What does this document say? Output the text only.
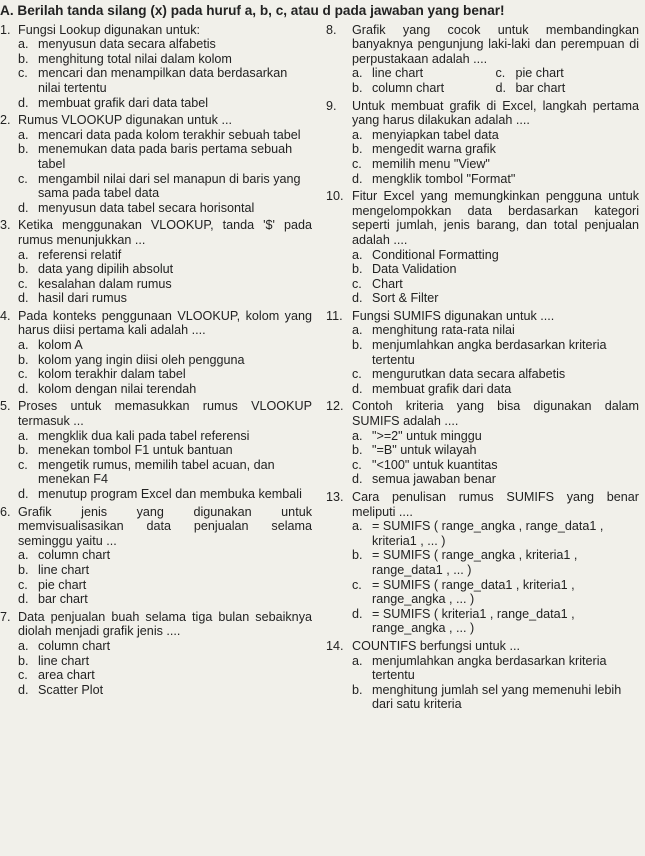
A. Berilah tanda silang (x) pada huruf a, b, c, atau d pada jawaban yang benar!
1. Fungsi Lookup digunakan untuk:
a. menyusun data secara alfabetis
b. menghitung total nilai dalam kolom
c. mencari dan menampilkan data berdasarkan nilai tertentu
d. membuat grafik dari data tabel
2. Rumus VLOOKUP digunakan untuk ...
a. mencari data pada kolom terakhir sebuah tabel
b. menemukan data pada baris pertama sebuah tabel
c. mengambil nilai dari sel manapun di baris yang sama pada tabel data
d. menyusun data tabel secara horisontal
3. Ketika menggunakan VLOOKUP, tanda '$' pada rumus menunjukkan ...
a. referensi relatif
b. data yang dipilih absolut
c. kesalahan dalam rumus
d. hasil dari rumus
4. Pada konteks penggunaan VLOOKUP, kolom yang harus diisi pertama kali adalah ....
a. kolom A
b. kolom yang ingin diisi oleh pengguna
c. kolom terakhir dalam tabel
d. kolom dengan nilai terendah
5. Proses untuk memasukkan rumus VLOOKUP termasuk ...
a. mengklik dua kali pada tabel referensi
b. menekan tombol F1 untuk bantuan
c. mengetik rumus, memilih tabel acuan, dan menekan F4
d. menutup program Excel dan membuka kembali
6. Grafik jenis yang digunakan untuk memvisualisasikan data penjualan selama seminggu yaitu ...
a. column chart
b. line chart
c. pie chart
d. bar chart
7. Data penjualan buah selama tiga bulan sebaiknya diolah menjadi grafik jenis ....
a. column chart
b. line chart
c. area chart
d. Scatter Plot
8.	Grafik yang cocok untuk membandingkan banyaknya pengunjung laki-laki dan perempuan di perpustakaan adalah ....
a. line chart	c. pie chart
b. column chart	d. bar chart
9.	Untuk membuat grafik di Excel, langkah pertama yang harus dilakukan adalah ....
a. menyiapkan tabel data
b. mengedit warna grafik
c. memilih menu "View"
d. mengklik tombol "Format"
10. Fitur Excel yang memungkinkan pengguna untuk mengelompokkan data berdasarkan kategori seperti jumlah, jenis barang, dan total penjualan adalah ....
a. Conditional Formatting
b. Data Validation
c. Chart
d. Sort & Filter
11. Fungsi SUMIFS digunakan untuk ....
a. menghitung rata-rata nilai
b. menjumlahkan angka berdasarkan kriteria tertentu
c. mengurutkan data secara alfabetis
d. membuat grafik dari data
12. Contoh kriteria yang bisa digunakan dalam SUMIFS adalah ....
a. ">=2" untuk minggu
b. "=B" untuk wilayah
c. "<100" untuk kuantitas
d. semua jawaban benar
13. Cara penulisan rumus SUMIFS yang benar meliputi ....
a. = SUMIFS ( range_angka , range_data1 , kriteria1 , ... )
b. = SUMIFS ( range_angka , kriteria1 , range_data1 , ... )
c. = SUMIFS ( range_data1 , kriteria1 , range_angka , ... )
d. = SUMIFS ( kriteria1 , range_data1 , range_angka , ... )
14. COUNTIFS berfungsi untuk ...
a. menjumlahkan angka berdasarkan kriteria tertentu
b. menghitung jumlah sel yang memenuhi lebih dari satu kriteria
